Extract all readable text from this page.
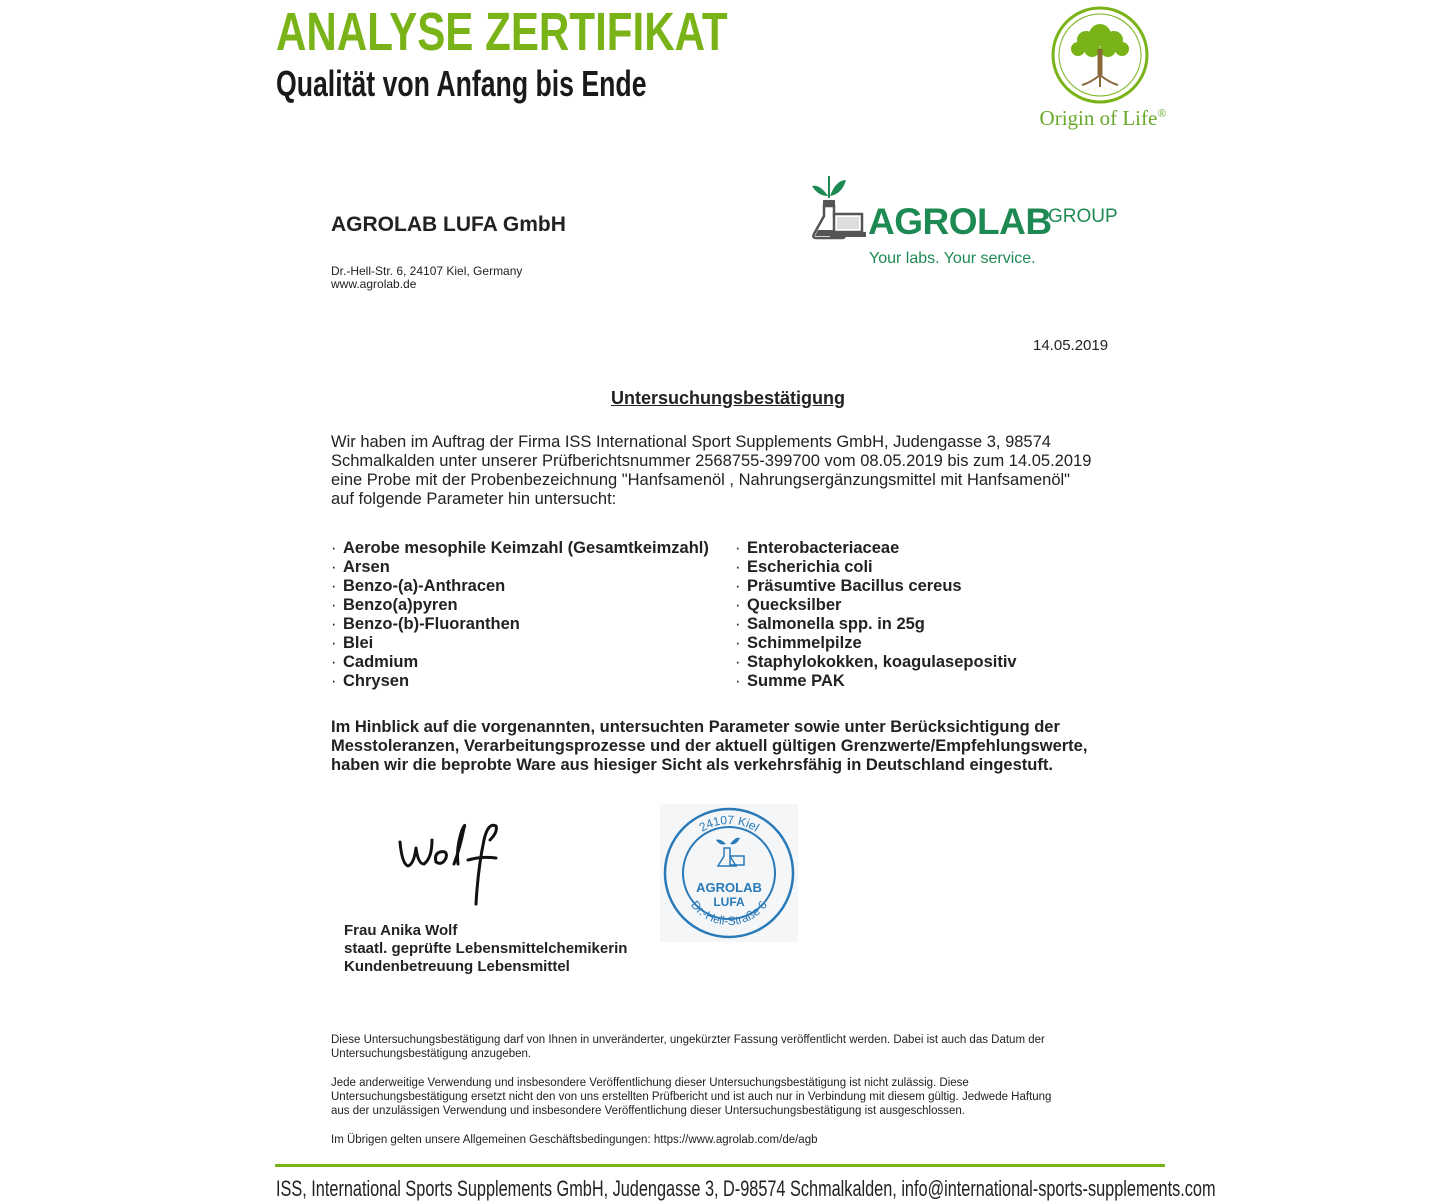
ANALYSE ZERTIFIKAT
Qualität von Anfang bis Ende
Origin of Life®
AGROLAB LUFA GmbH
Dr.-Hell-Str. 6, 24107 Kiel, Germany
www.agrolab.de
AGROLAB
GROUP
Your labs. Your service.
14.05.2019
Untersuchungsbestätigung
Wir haben im Auftrag der Firma ISS International Sport Supplements GmbH, Judengasse 3, 98574
Schmalkalden unter unserer Prüfberichtsnummer 2568755-399700 vom 08.05.2019 bis zum 14.05.2019
eine Probe mit der Probenbezeichnung "Hanfsamenöl , Nahrungsergänzungsmittel mit Hanfsamenöl"
auf folgende Parameter hin untersucht:
· Aerobe mesophile Keimzahl (Gesamtkeimzahl)
· Arsen
· Benzo-(a)-Anthracen
· Benzo(a)pyren
· Benzo-(b)-Fluoranthen
· Blei
· Cadmium
· Chrysen
· Enterobacteriaceae
· Escherichia coli
· Präsumtive Bacillus cereus
· Quecksilber
· Salmonella spp. in 25g
· Schimmelpilze
· Staphylokokken, koagulasepositiv
· Summe PAK
Im Hinblick auf die vorgenannten, untersuchten Parameter sowie unter Berücksichtigung der
Messtoleranzen, Verarbeitungsprozesse und der aktuell gültigen Grenzwerte/Empfehlungswerte,
haben wir die beprobte Ware aus hiesiger Sicht als verkehrsfähig in Deutschland eingestuft.
24107 Kiel
Dr.-Hell-Straße 6
AGROLAB
LUFA
Frau Anika Wolf
staatl. geprüfte Lebensmittelchemikerin
Kundenbetreuung Lebensmittel

Diese Untersuchungsbestätigung darf von Ihnen in unveränderter, ungekürzter Fassung veröffentlicht werden. Dabei ist auch das Datum der
Untersuchungsbestätigung anzugeben.

Jede anderweitige Verwendung und insbesondere Veröffentlichung dieser Untersuchungsbestätigung ist nicht zulässig. Diese
Untersuchungsbestätigung ersetzt nicht den von uns erstellten Prüfbericht und ist auch nur in Verbindung mit diesem gültig. Jedwede Haftung
aus der unzulässigen Verwendung und insbesondere Veröffentlichung dieser Untersuchungsbestätigung ist ausgeschlossen.

Im Übrigen gelten unsere Allgemeinen Geschäftsbedingungen: https://www.agrolab.com/de/agb

ISS, International Sports Supplements GmbH, Judengasse 3, D-98574 Schmalkalden, info@international-sports-supplements.com
